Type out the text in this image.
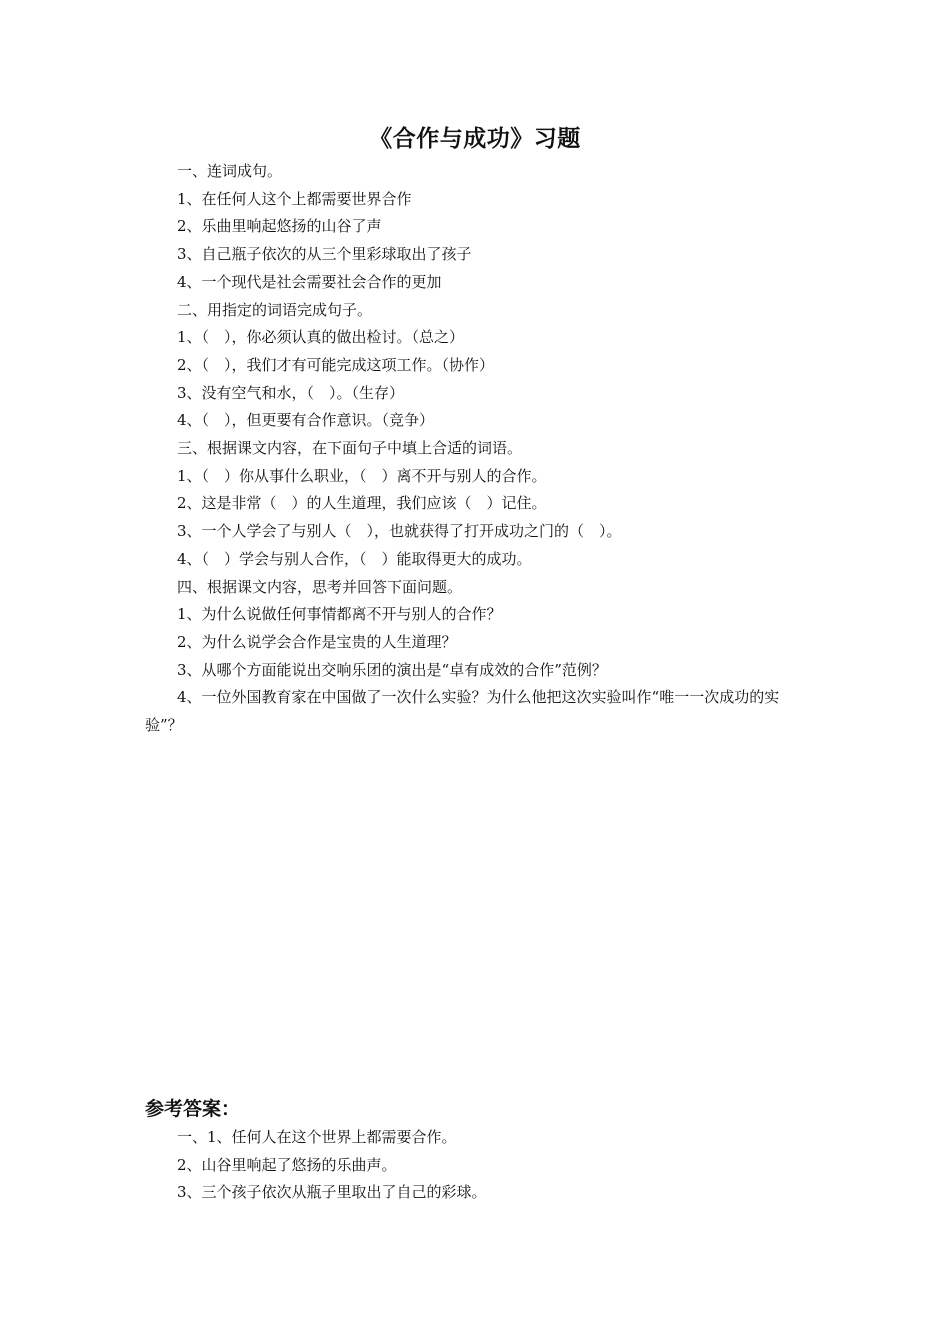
《合作与成功》习题
一、连词成句。
1、在任何人这个上都需要世界合作
2、乐曲里响起悠扬的山谷了声
3、自己瓶子依次的从三个里彩球取出了孩子
4、一个现代是社会需要社会合作的更加
二、用指定的词语完成句子。
1、（　），你必须认真的做出检讨。（总之）
2、（　），我们才有可能完成这项工作。（协作）
3、没有空气和水，（　）。（生存）
4、（　），但更要有合作意识。（竞争）
三、根据课文内容，在下面句子中填上合适的词语。
1、（　）你从事什么职业，（　）离不开与别人的合作。
2、这是非常（　）的人生道理，我们应该（　）记住。
3、一个人学会了与别人（　），也就获得了打开成功之门的（　）。
4、（　）学会与别人合作，（　）能取得更大的成功。
四、根据课文内容，思考并回答下面问题。
1、为什么说做任何事情都离不开与别人的合作？
2、为什么说学会合作是宝贵的人生道理？
3、从哪个方面能说出交响乐团的演出是“卓有成效的合作”范例？
4、一位外国教育家在中国做了一次什么实验？为什么他把这次实验叫作“唯一一次成功的实验”？
参考答案：
一、1、任何人在这个世界上都需要合作。
2、山谷里响起了悠扬的乐曲声。
3、三个孩子依次从瓶子里取出了自己的彩球。
